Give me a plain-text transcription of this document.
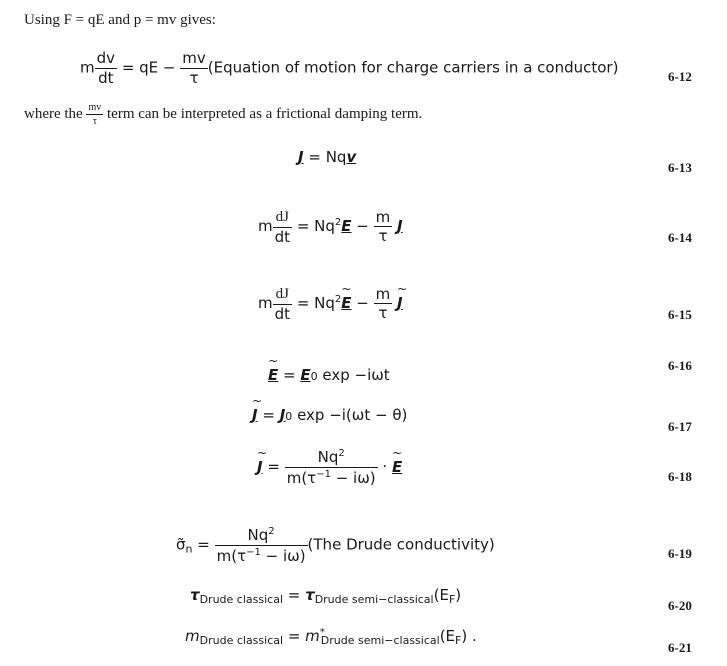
Using F = qE and p = mv gives:
m $\frac{dv}{dt}$ = qE − $\frac{mv}{\tau}$ (Equation of motion for charge carriers in a conductor)	6-12
where the $\frac{mv}{\tau}$ term can be interpreted as a frictional damping term.
J = Nqv
6-13
m $\frac{dJ}{dt} = Nq^2E - \frac{m}{\tau}$ J
6-14
m $\frac{dJ}{dt}$ = $Nq^2\sim$ $E - \frac{m}{\tau}$
~ J
6-15
~ E = E0 exp −iωt
6-16
~ J = J0 exp −i(ωt − θ)
6-17
~ $J = \frac{Nq^2}{m(\tau^{-1} - i\omega)}$ · ~ E
6-18
$\sigmã_n = \frac{Nq^2}{m(\tau^{-1} - i\omega)} (The$ Drude conductivity)	6-19
$\tau_{Drude classical} = \tau_{Drude semi-classical}(E_F)$
6-20
$m_{Drude classical} = m^*_{Drude semi-classical}(E_F)$ .
6-21
